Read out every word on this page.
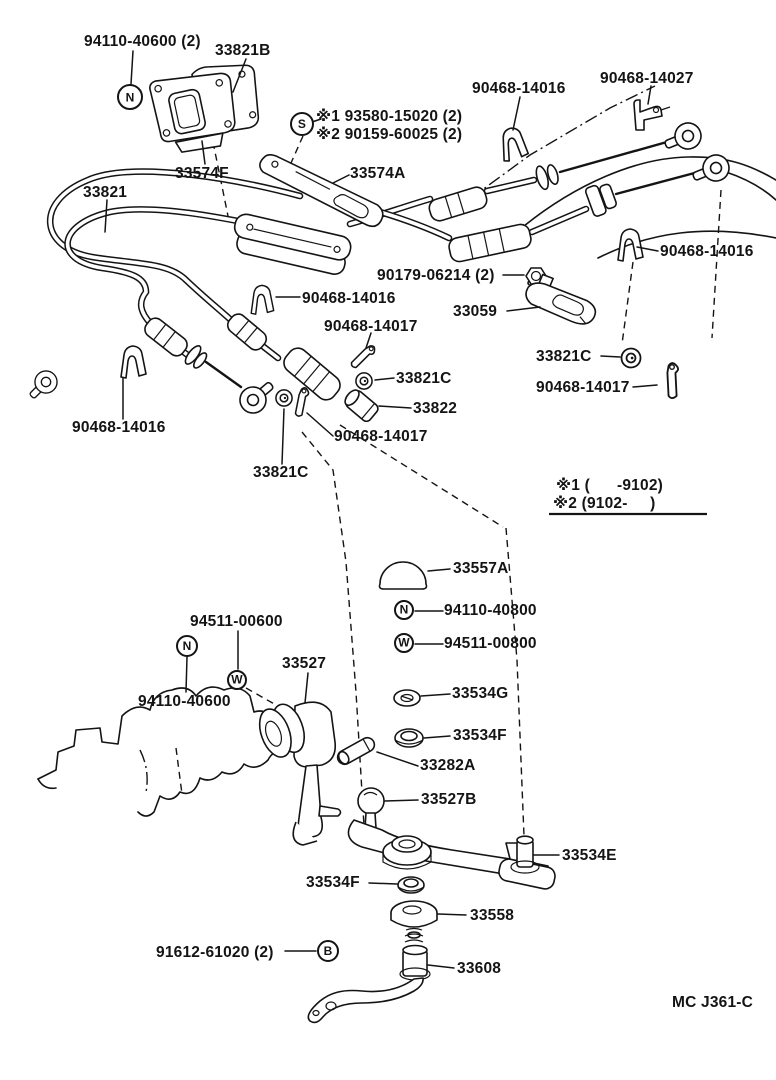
N
S
N
W
N
W
B
94110-40600 (2)
33821B
90468-14027
90468-14016
※1 93580-15020 (2)
※2 90159-60025 (2)
33574F	33574A
33821
90468-14016
90179-06214 (2)
90468-14016
33059
90468-14017
33821C
33821C
90468-14017
33822
90468-14016
90468-14017
33821C
※1 (      -9102)
※2 (9102-     )
33557A
94110-40800
94511-00600
94511-00800
33527
33534G
94110-40600
33534F
33282A
33527B
33534E
33534F
33558
91612-61020 (2)
33608
MC J361-C
